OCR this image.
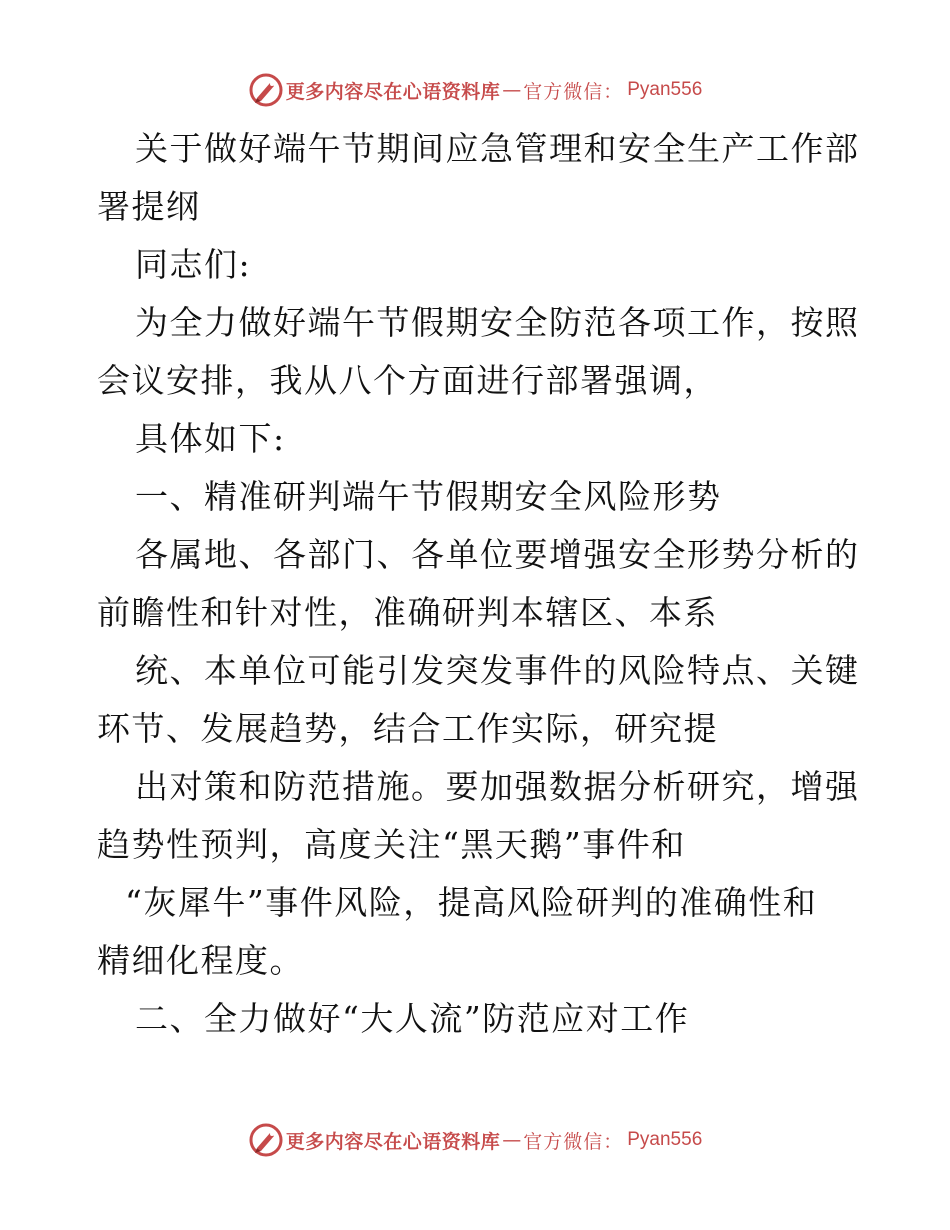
更多内容尽在心语资料库 — 官方微信： Pyan556
关于做好端午节期间应急管理和安全生产工作部
署提纲
同志们:
为全力做好端午节假期安全防范各项工作，按照
会议安排，我从八个方面进行部署强调，
具体如下:
一、精准研判端午节假期安全风险形势
各属地、各部门、各单位要增强安全形势分析的
前瞻性和针对性，准确研判本辖区、本系
统、本单位可能引发突发事件的风险特点、关键
环节、发展趋势，结合工作实际，研究提
出对策和防范措施。要加强数据分析研究，增强
趋势性预判，高度关注“黑天鹅”事件和
“灰犀牛”事件风险，提高风险研判的准确性和
精细化程度。
二、全力做好“大人流”防范应对工作
更多内容尽在心语资料库 — 官方微信： Pyan556
